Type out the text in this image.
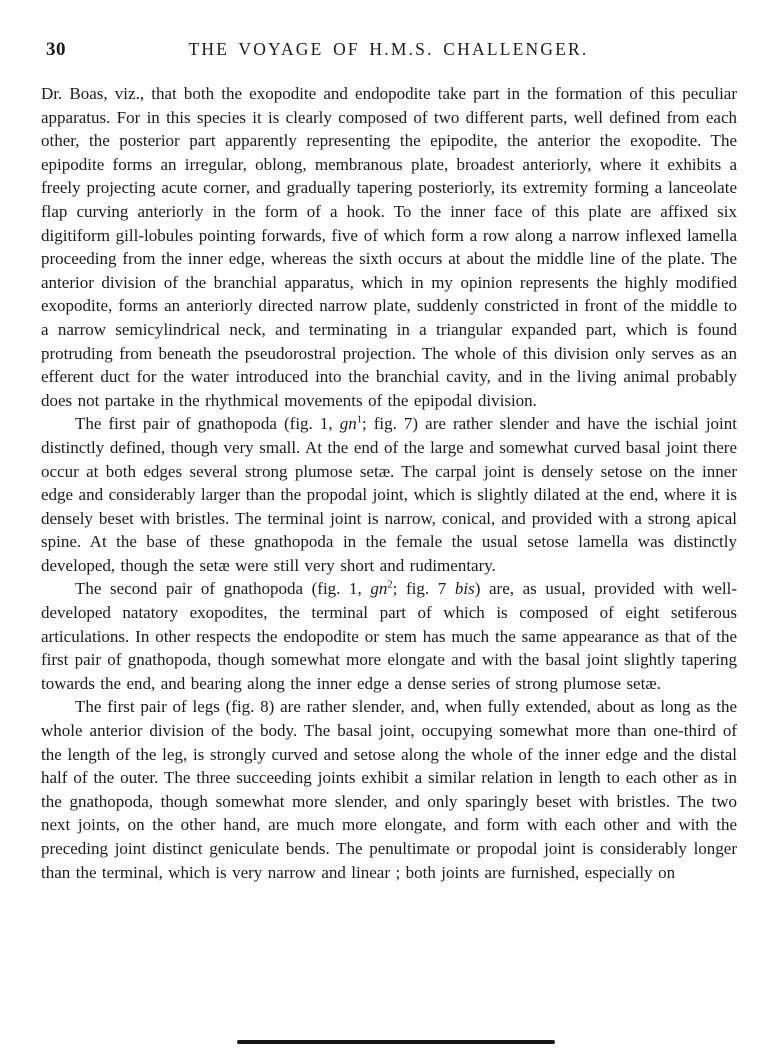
30	THE VOYAGE OF H.M.S. CHALLENGER.

Dr. Boas, viz., that both the exopodite and endopodite take part in the formation of this peculiar apparatus. For in this species it is clearly composed of two different parts, well defined from each other, the posterior part apparently representing the epipodite, the anterior the exopodite. The epipodite forms an irregular, oblong, membranous plate, broadest anteriorly, where it exhibits a freely projecting acute corner, and gradually tapering posteriorly, its extremity forming a lanceolate flap curving anteriorly in the form of a hook. To the inner face of this plate are affixed six digitiform gill-lobules pointing forwards, five of which form a row along a narrow inflexed lamella proceeding from the inner edge, whereas the sixth occurs at about the middle line of the plate. The anterior division of the branchial apparatus, which in my opinion represents the highly modified exopodite, forms an anteriorly directed narrow plate, suddenly constricted in front of the middle to a narrow semicylindrical neck, and terminating in a triangular expanded part, which is found protruding from beneath the pseudorostral projection. The whole of this division only serves as an efferent duct for the water introduced into the branchial cavity, and in the living animal probably does not partake in the rhythmical movements of the epipodal division.

The first pair of gnathopoda (fig. 1, $gn^1$; fig. 7) are rather slender and have the ischial joint distinctly defined, though very small. At the end of the large and somewhat curved basal joint there occur at both edges several strong plumose setæ. The carpal joint is densely setose on the inner edge and considerably larger than the propodal joint, which is slightly dilated at the end, where it is densely beset with bristles. The terminal joint is narrow, conical, and provided with a strong apical spine. At the base of these gnathopoda in the female the usual setose lamella was distinctly developed, though the setæ were still very short and rudimentary.

The second pair of gnathopoda (fig. 1, $gn^2$; fig. 7 bis) are, as usual, provided with well-developed natatory exopodites, the terminal part of which is composed of eight setiferous articulations. In other respects the endopodite or stem has much the same appearance as that of the first pair of gnathopoda, though somewhat more elongate and with the basal joint slightly tapering towards the end, and bearing along the inner edge a dense series of strong plumose setæ.

The first pair of legs (fig. 8) are rather slender, and, when fully extended, about as long as the whole anterior division of the body. The basal joint, occupying somewhat more than one-third of the length of the leg, is strongly curved and setose along the whole of the inner edge and the distal half of the outer. The three succeeding joints exhibit a similar relation in length to each other as in the gnathopoda, though somewhat more slender, and only sparingly beset with bristles. The two next joints, on the other hand, are much more elongate, and form with each other and with the preceding joint distinct geniculate bends. The penultimate or propodal joint is considerably longer than the terminal, which is very narrow and linear ; both joints are furnished, especially on
